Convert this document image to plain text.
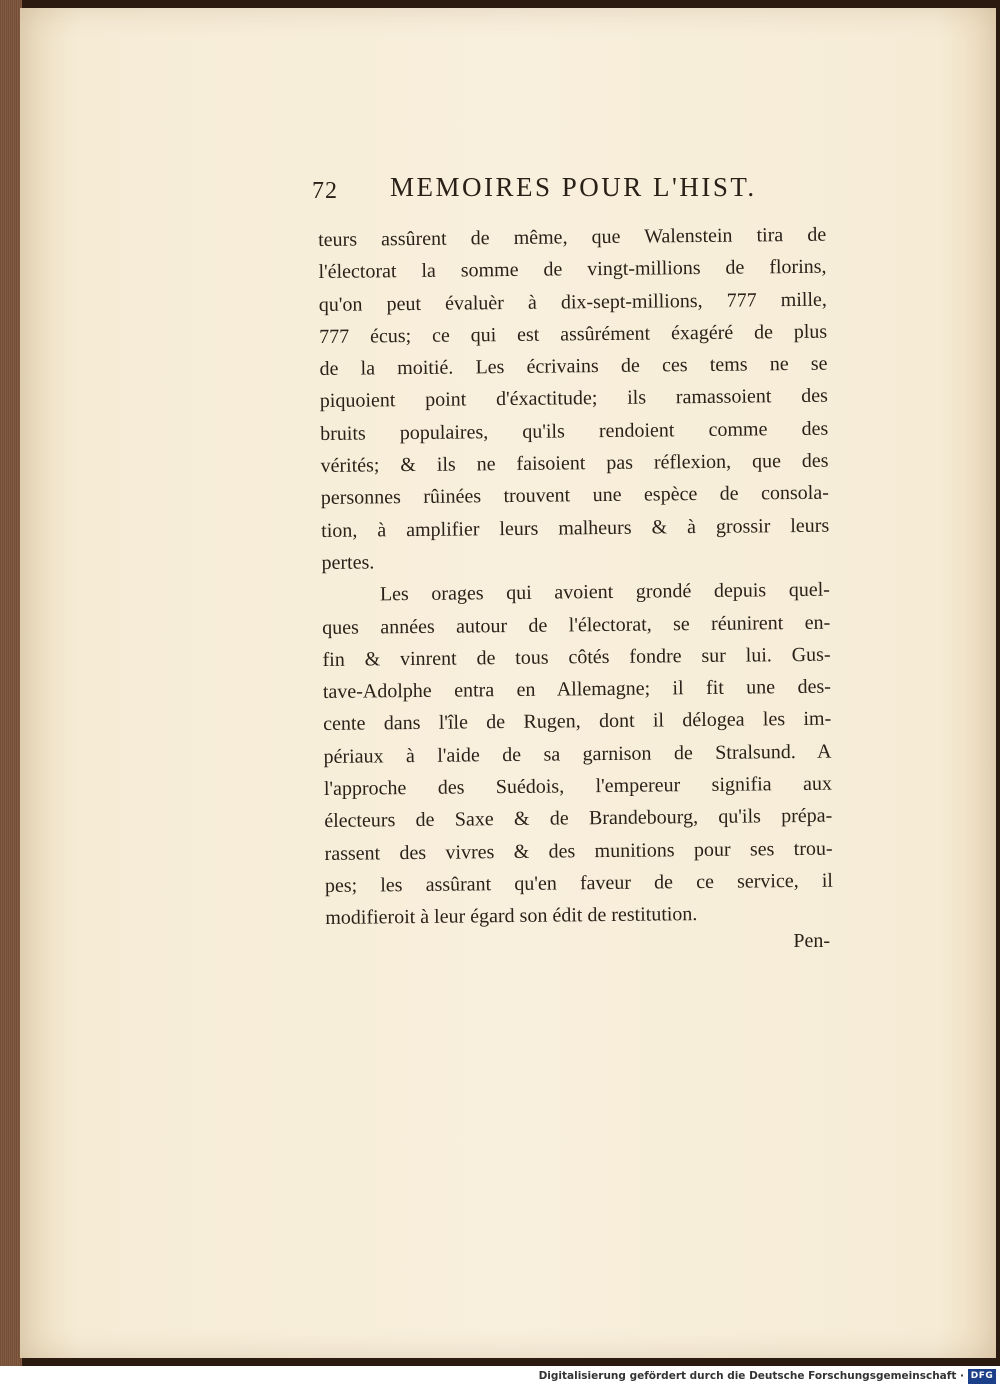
72 MEMOIRES POUR L'HIST.
teurs assûrent de même, que Walenstein tira de
l'électorat la somme de vingt-millions de florins,
qu'on peut évaluèr à dix-sept-millions, 777 mille,
777 écus; ce qui est assûrément éxagéré de plus
de la moitié. Les écrivains de ces tems ne se
piquoient point d'éxactitude; ils ramassoient des
bruits populaires, qu'ils rendoient comme des
vérités; & ils ne faisoient pas réflexion, que des
personnes rûinées trouvent une espèce de consola-
tion, à amplifier leurs malheurs & à grossir leurs
pertes.
Les orages qui avoient grondé depuis quel-
ques années autour de l'électorat, se réunirent en-
fin & vinrent de tous côtés fondre sur lui. Gus-
tave-Adolphe entra en Allemagne; il fit une des-
cente dans l'île de Rugen, dont il délogea les im-
périaux à l'aide de sa garnison de Stralsund. A
l'approche des Suédois, l'empereur signifia aux
électeurs de Saxe & de Brandebourg, qu'ils prépa-
rassent des vivres & des munitions pour ses trou-
pes; les assûrant qu'en faveur de ce service, il
modifieroit à leur égard son édit de restitution.
Pen-
Digitalisierung gefördert durch die Deutsche Forschungsgemeinschaft · DFG
